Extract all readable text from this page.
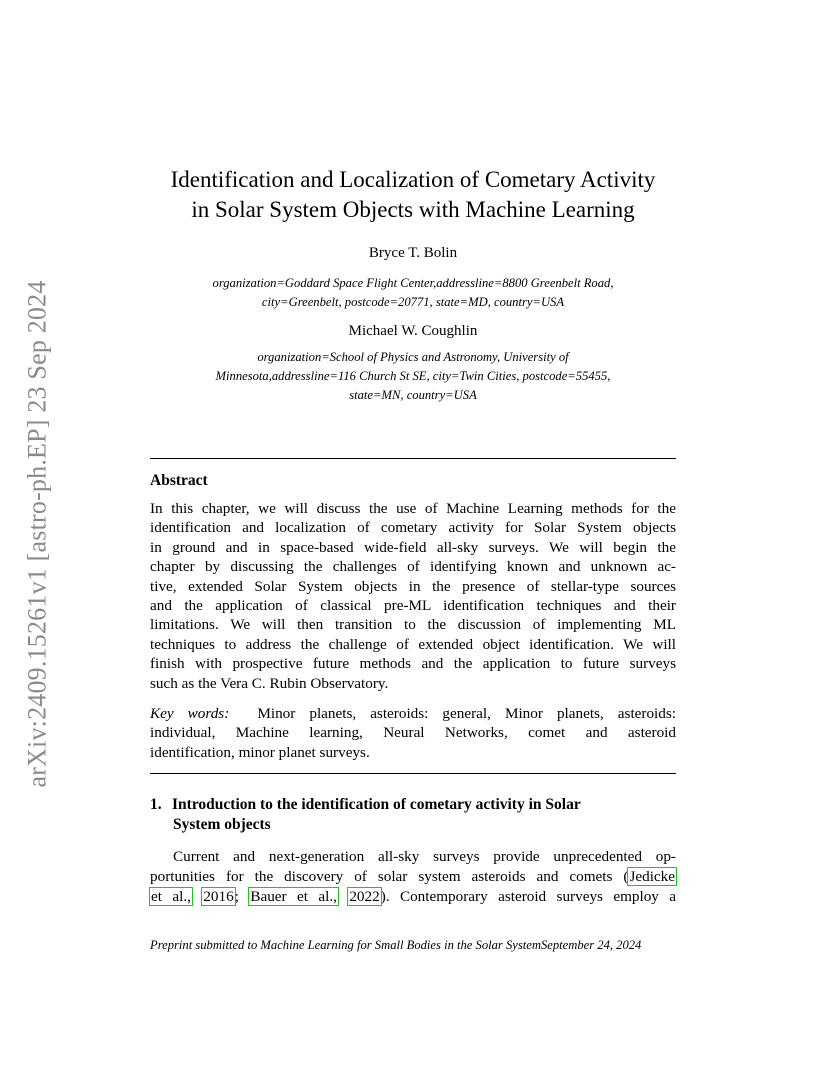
arXiv:2409.15261v1 [astro-ph.EP] 23 Sep 2024
Identification and Localization of Cometary Activity
in Solar System Objects with Machine Learning
Bryce T. Bolin
organization=Goddard Space Flight Center,addressline=8800 Greenbelt Road,
city=Greenbelt, postcode=20771, state=MD, country=USA
Michael W. Coughlin
organization=School of Physics and Astronomy, University of
Minnesota,addressline=116 Church St SE, city=Twin Cities, postcode=55455,
state=MN, country=USA
Abstract
In this chapter, we will discuss the use of Machine Learning methods for the
identification and localization of cometary activity for Solar System objects
in ground and in space-based wide-field all-sky surveys. We will begin the
chapter by discussing the challenges of identifying known and unknown ac-
tive, extended Solar System objects in the presence of stellar-type sources
and the application of classical pre-ML identification techniques and their
limitations. We will then transition to the discussion of implementing ML
techniques to address the challenge of extended object identification. We will
finish with prospective future methods and the application to future surveys
such as the Vera C. Rubin Observatory.
Key words: Minor planets, asteroids: general, Minor planets, asteroids:
individual, Machine learning, Neural Networks, comet and asteroid
identification, minor planet surveys.
1. Introduction to the identification of cometary activity in Solar
System objects
Current and next-generation all-sky surveys provide unprecedented op-
portunities for the discovery of solar system asteroids and comets (Jedicke
et al., 2016; Bauer et al., 2022). Contemporary asteroid surveys employ a
Preprint submitted to Machine Learning for Small Bodies in the Solar SystemSeptember 24, 2024
